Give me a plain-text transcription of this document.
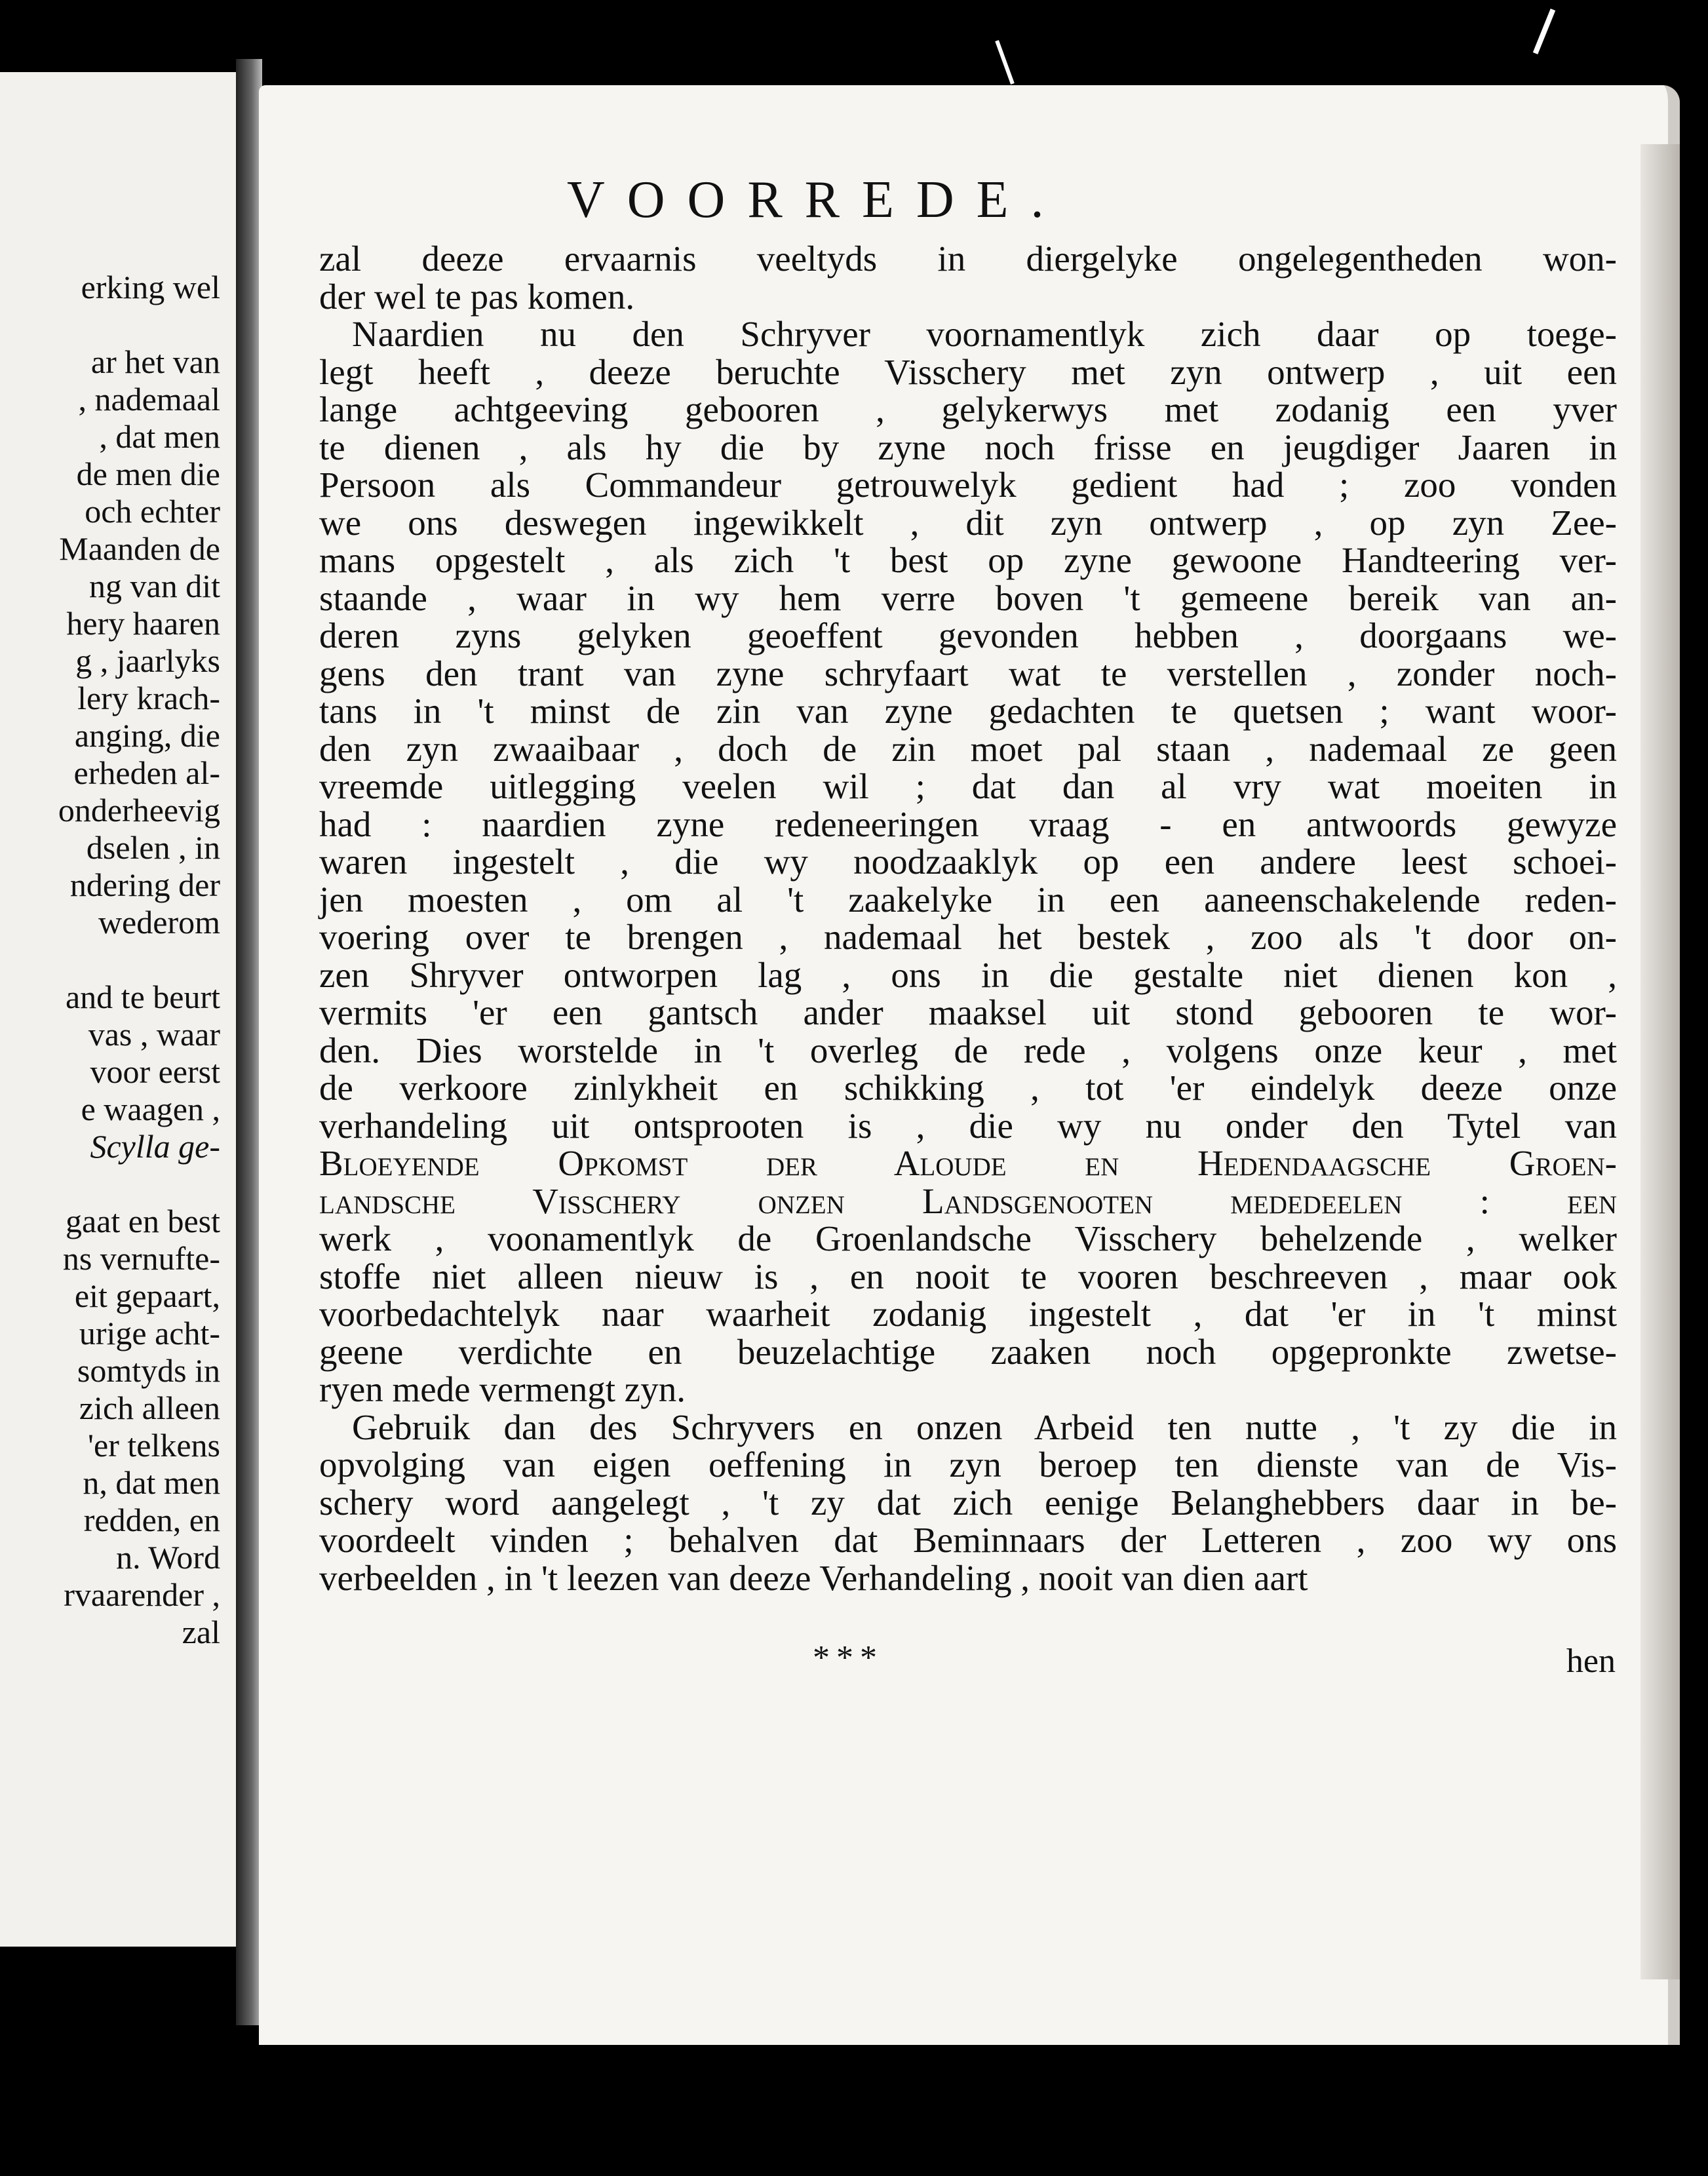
erking wel
ar het van
, nademaal
, dat men
de men die
och echter
Maanden de
ng van dit
hery haaren
g , jaarlyks
lery krach-
anging, die
erheden al-
onderheevig
dselen , in
ndering der
wederom
and te beurt
vas , waar
voor eerst
e waagen ,
Scylla ge-
gaat en best
ns vernufte-
eit gepaart,
urige acht-
somtyds in
zich alleen
'er telkens
n, dat men
redden, en
n. Word
rvaarender ,
zal
VOORREDE.
zal deeze ervaarnis veeltyds in diergelyke ongelegentheden won-
der wel te pas komen.
Naardien nu den Schryver voornamentlyk zich daar op toege-
legt heeft , deeze beruchte Visschery met zyn ontwerp , uit een
lange achtgeeving gebooren , gelykerwys met zodanig een yver
te dienen , als hy die by zyne noch frisse en jeugdiger Jaaren in
Persoon als Commandeur getrouwelyk gedient had ; zoo vonden
we ons deswegen ingewikkelt , dit zyn ontwerp , op zyn Zee-
mans opgestelt , als zich 't best op zyne gewoone Handteering ver-
staande , waar in wy hem verre boven 't gemeene bereik van an-
deren zyns gelyken geoeffent gevonden hebben , doorgaans we-
gens den trant van zyne schryfaart wat te verstellen , zonder noch-
tans in 't minst de zin van zyne gedachten te quetsen ; want woor-
den zyn zwaaibaar , doch de zin moet pal staan , nademaal ze geen
vreemde uitlegging veelen wil ; dat dan al vry wat moeiten in
had : naardien zyne redeneeringen vraag - en antwoords gewyze
waren ingestelt , die wy noodzaaklyk op een andere leest schoei-
jen moesten , om al 't zaakelyke in een aaneenschakelende reden-
voering over te brengen , nademaal het bestek , zoo als 't door on-
zen Shryver ontworpen lag , ons in die gestalte niet dienen kon ,
vermits 'er een gantsch ander maaksel uit stond gebooren te wor-
den. Dies worstelde in 't overleg de rede , volgens onze keur , met
de verkoore zinlykheit en schikking , tot 'er eindelyk deeze onze
verhandeling uit ontsprooten is , die wy nu onder den Tytel van
Bloeyende Opkomst der Aloude en Hedendaagsche Groen-
landsche Visschery onzen Landsgenooten mededeelen : een
werk , voonamentlyk de Groenlandsche Visschery behelzende , welker
stoffe niet alleen nieuw is , en nooit te vooren beschreeven , maar ook
voorbedachtelyk naar waarheit zodanig ingestelt , dat 'er in 't minst
geene verdichte en beuzelachtige zaaken noch opgepronkte zwetse-
ryen mede vermengt zyn.
Gebruik dan des Schryvers en onzen Arbeid ten nutte , 't zy die in
opvolging van eigen oeffening in zyn beroep ten dienste van de Vis-
schery word aangelegt , 't zy dat zich eenige Belanghebbers daar in be-
voordeelt vinden ; behalven dat Beminnaars der Letteren , zoo wy ons
verbeelden , in 't leezen van deeze Verhandeling , nooit van dien aart
***	hen
